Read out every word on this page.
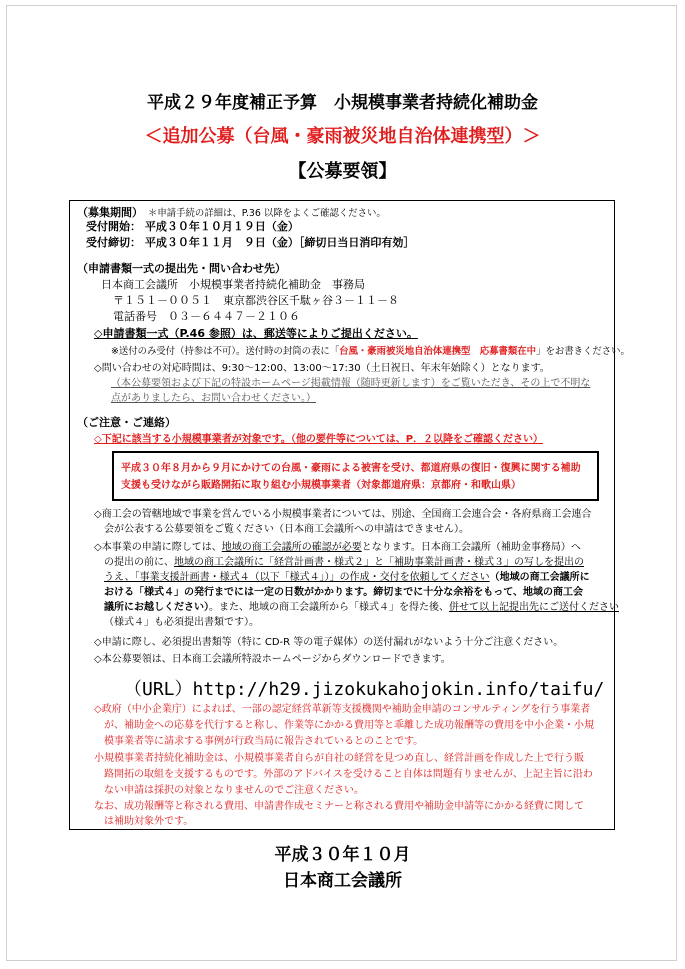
平成２９年度補正予算　小規模事業者持続化補助金
＜追加公募（台風・豪雨被災地自治体連携型）＞
【公募要領】
（募集期間） ＊申請手続の詳細は、P.36 以降をよくご確認ください。
受付開始： 平成３０年１０月１９日（金）
受付締切： 平成３０年１１月　９日（金）［締切日当日消印有効］
（申請書類一式の提出先・問い合わせ先）
日本商工会議所　小規模事業者持続化補助金　事務局
〒１５１－００５１　東京都渋谷区千駄ヶ谷３－１１－８
電話番号　０３－６４４７－２１０６
◇申請書類一式（P.46 参照）は、郵送等によりご提出ください。
※送付のみ受付（持参は不可）。送付時の封筒の表に「台風・豪雨被災地自治体連携型　応募書類在中」をお書きください。
◇問い合わせの対応時間は、9:30～12:00、13:00～17:30（土日祝日、年末年始除く）となります。
（本公募要領および下記の特設ホームページ掲載情報（随時更新します）をご覧いただき、その上で不明な
点がありましたら、お問い合わせください。）
（ご注意・ご連絡）
◇下記に該当する小規模事業者が対象です。（他の要件等については、P．２以降をご確認ください）
平成３０年８月から９月にかけての台風・豪雨による被害を受け、都道府県の復旧・復興に関する補助
支援も受けながら販路開拓に取り組む小規模事業者（対象都道府県：京都府・和歌山県）
◇商工会の管轄地域で事業を営んでいる小規模事業者については、別途、全国商工会連合会・各府県商工会連合
会が公表する公募要領をご覧ください（日本商工会議所への申請はできません）。
◇本事業の申請に際しては、地域の商工会議所の確認が必要となります。日本商工会議所（補助金事務局）へ
の提出の前に、地域の商工会議所に「経営計画書・様式２」と「補助事業計画書・様式３」の写しを提出の
うえ、「事業支援計画書・様式４（以下「様式４」）」の作成・交付を依頼してください（地域の商工会議所に
おける「様式４」の発行までには一定の日数がかかります。締切までに十分な余裕をもって、地域の商工会
議所にお越しください）。また、地域の商工会議所から「様式４」を得た後、併せて以上記提出先にご送付ください
（様式４」も必須提出書類です）。
◇申請に際し、必須提出書類等（特に CD-R 等の電子媒体）の送付漏れがないよう十分ご注意ください。
◇本公募要領は、日本商工会議所特設ホームページからダウンロードできます。
（URL）http://h29.jizokukahojokin.info/taifu/
◇政府（中小企業庁）によれば、一部の認定経営革新等支援機関や補助金申請のコンサルティングを行う事業者
が、補助金への応募を代行すると称し、作業等にかかる費用等と乖離した成功報酬等の費用を中小企業・小規
模事業者等に請求する事例が行政当局に報告されているとのことです。
小規模事業者持続化補助金は、小規模事業者自らが自社の経営を見つめ直し、経営計画を作成した上で行う販
路開拓の取組を支援するものです。外部のアドバイスを受けること自体は問題有りませんが、上記主旨に沿わ
ない申請は採択の対象となりませんのでご注意ください。
なお、成功報酬等と称される費用、申請書作成セミナーと称される費用や補助金申請等にかかる経費に関して
は補助対象外です。
平成３０年１０月
日本商工会議所
